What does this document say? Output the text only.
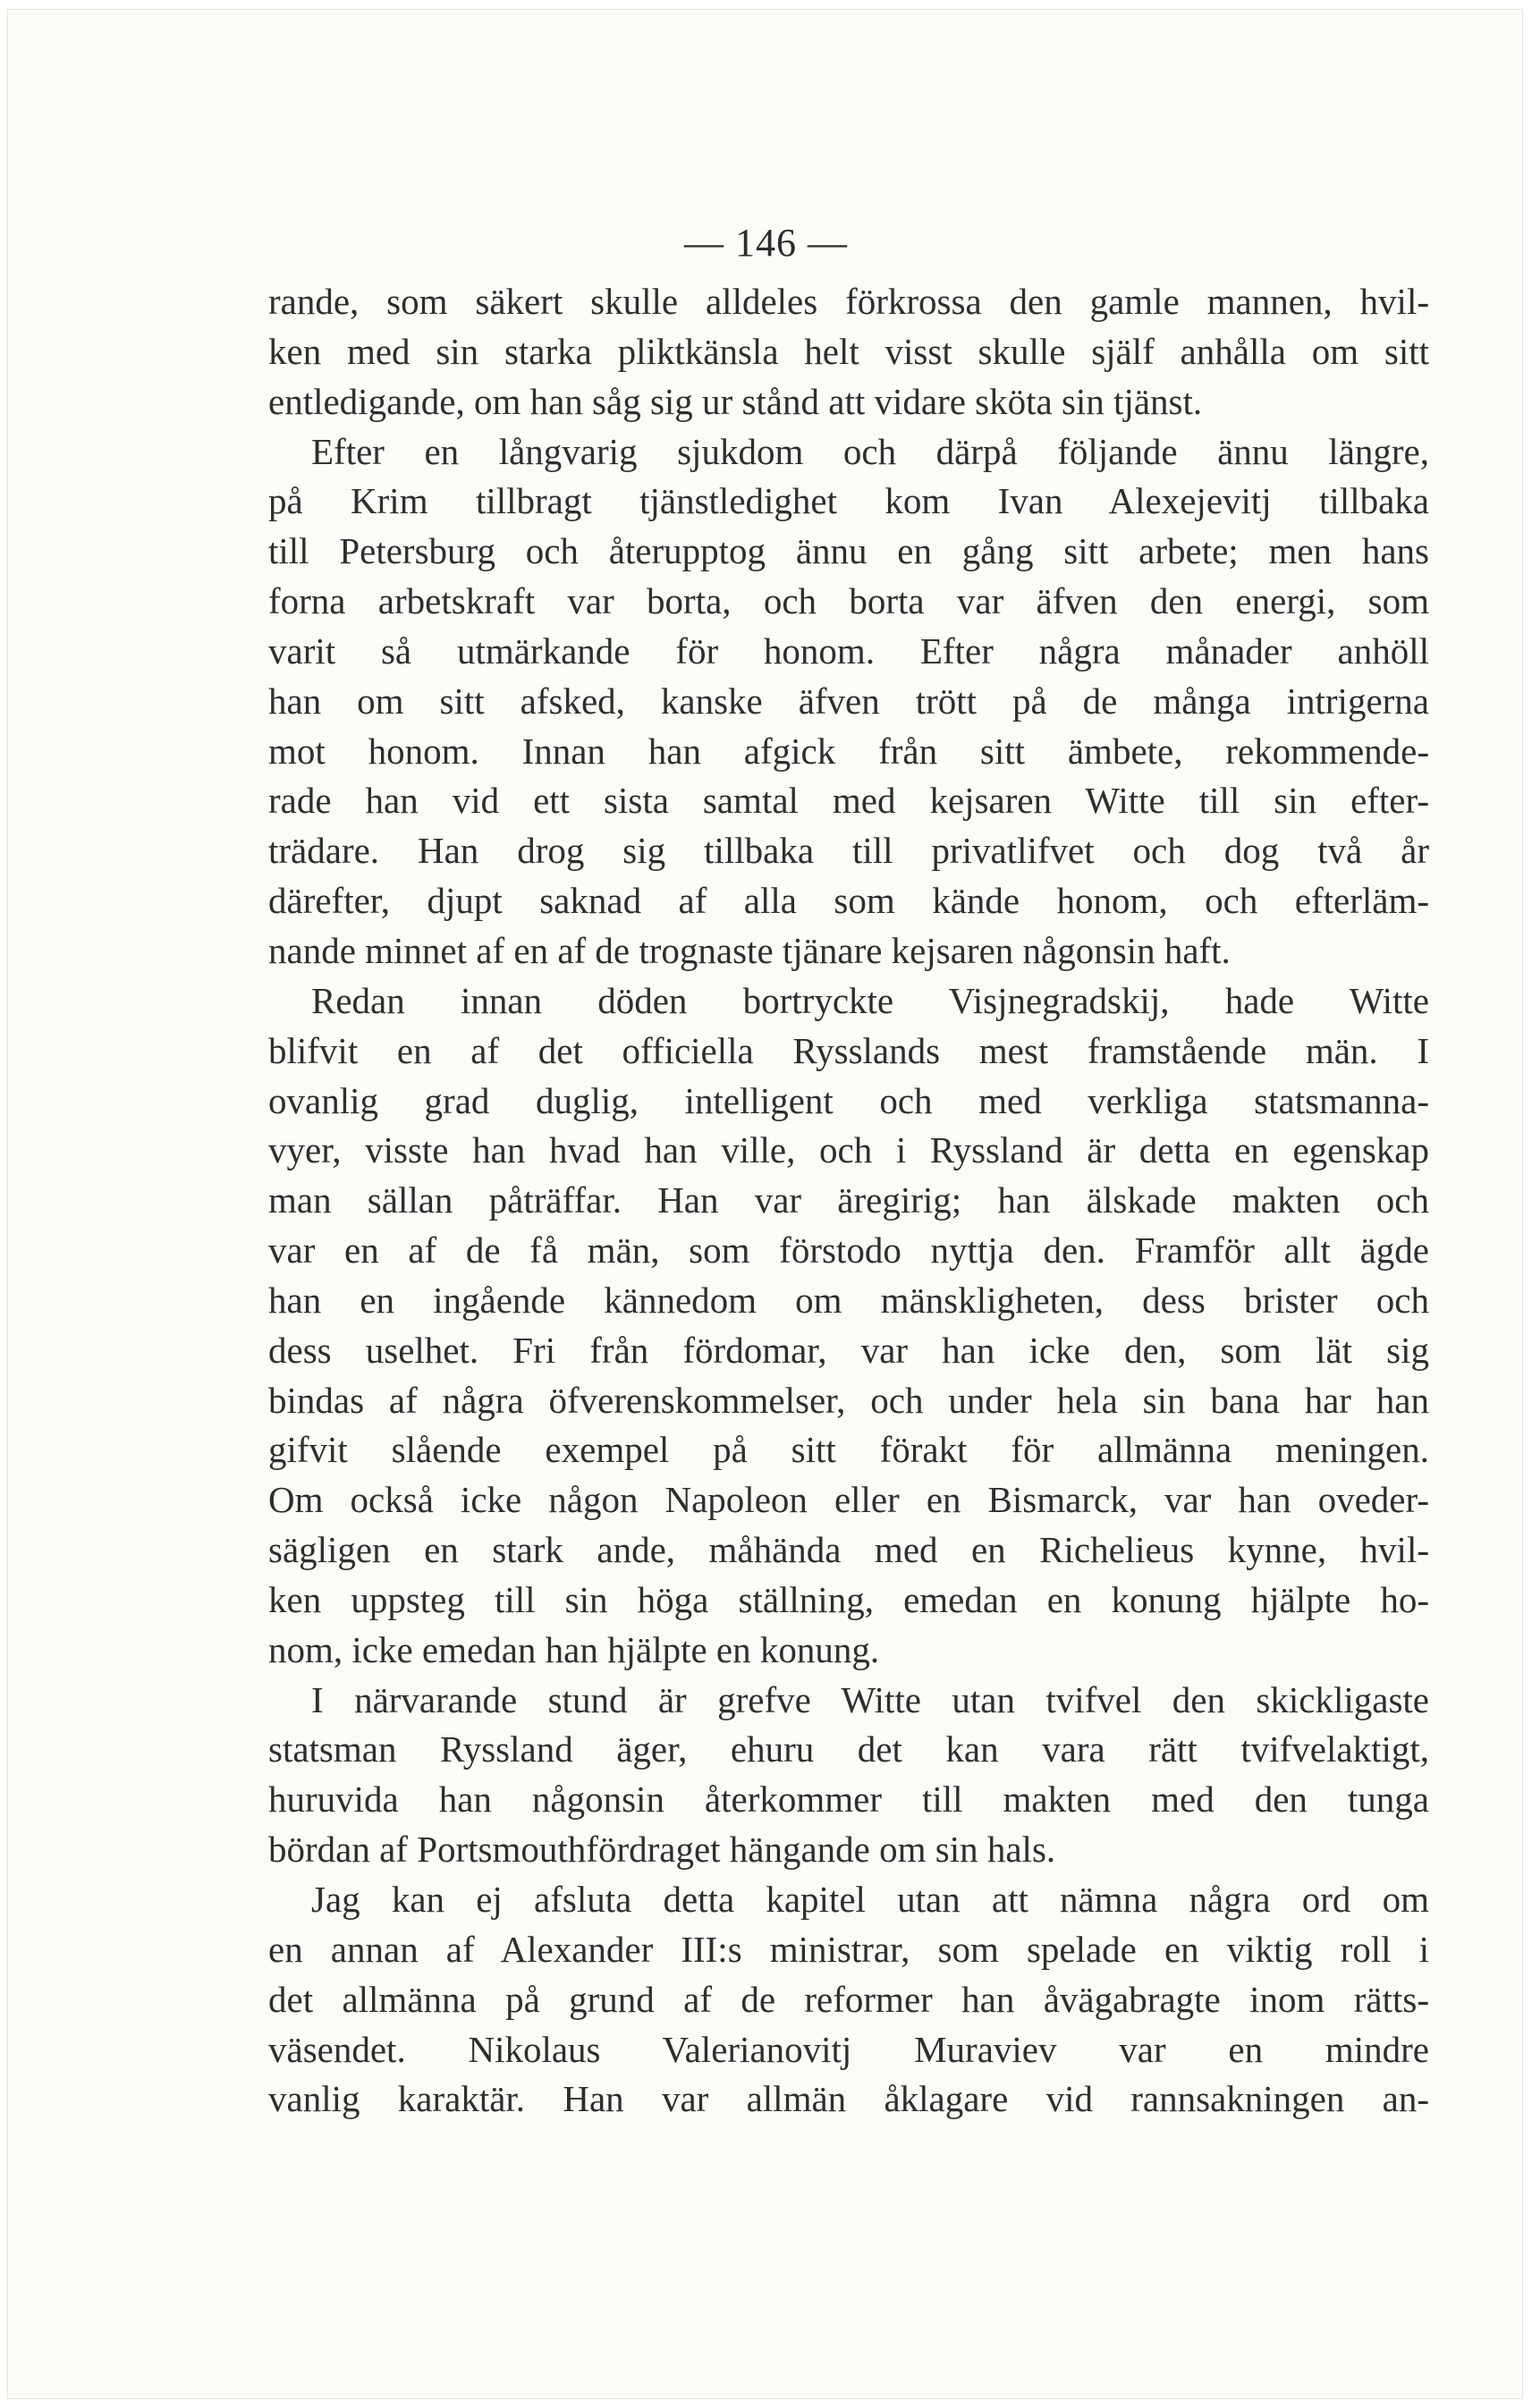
— 146 —

rande, som säkert skulle alldeles förkrossa den gamle mannen, hvil-
ken med sin starka pliktkänsla helt visst skulle själf anhålla om sitt
entledigande, om han såg sig ur stånd att vidare sköta sin tjänst.

Efter en långvarig sjukdom och därpå följande ännu längre,
på Krim tillbragt tjänstledighet kom Ivan Alexejevitj tillbaka
till Petersburg och återupptog ännu en gång sitt arbete; men hans
forna arbetskraft var borta, och borta var äfven den energi, som
varit så utmärkande för honom. Efter några månader anhöll
han om sitt afsked, kanske äfven trött på de många intrigerna
mot honom. Innan han afgick från sitt ämbete, rekommende-
rade han vid ett sista samtal med kejsaren Witte till sin efter-
trädare. Han drog sig tillbaka till privatlifvet och dog två år
därefter, djupt saknad af alla som kände honom, och efterläm-
nande minnet af en af de trognaste tjänare kejsaren någonsin haft.

Redan innan döden bortryckte Visjnegradskij, hade Witte
blifvit en af det officiella Rysslands mest framstående män. I
ovanlig grad duglig, intelligent och med verkliga statsmanna-
vyer, visste han hvad han ville, och i Ryssland är detta en egenskap
man sällan påträffar. Han var äregirig; han älskade makten och
var en af de få män, som förstodo nyttja den. Framför allt ägde
han en ingående kännedom om mänskligheten, dess brister och
dess uselhet. Fri från fördomar, var han icke den, som lät sig
bindas af några öfverenskommelser, och under hela sin bana har han
gifvit slående exempel på sitt förakt för allmänna meningen.
Om också icke någon Napoleon eller en Bismarck, var han oveder-
sägligen en stark ande, måhända med en Richelieus kynne, hvil-
ken uppsteg till sin höga ställning, emedan en konung hjälpte ho-
nom, icke emedan han hjälpte en konung.

I närvarande stund är grefve Witte utan tvifvel den skickligaste
statsman Ryssland äger, ehuru det kan vara rätt tvifvelaktigt,
huruvida han någonsin återkommer till makten med den tunga
bördan af Portsmouthfördraget hängande om sin hals.

Jag kan ej afsluta detta kapitel utan att nämna några ord om
en annan af Alexander III:s ministrar, som spelade en viktig roll i
det allmänna på grund af de reformer han åvägabragte inom rätts-
väsendet. Nikolaus Valerianovitj Muraviev var en mindre
vanlig karaktär. Han var allmän åklagare vid rannsakningen an-
